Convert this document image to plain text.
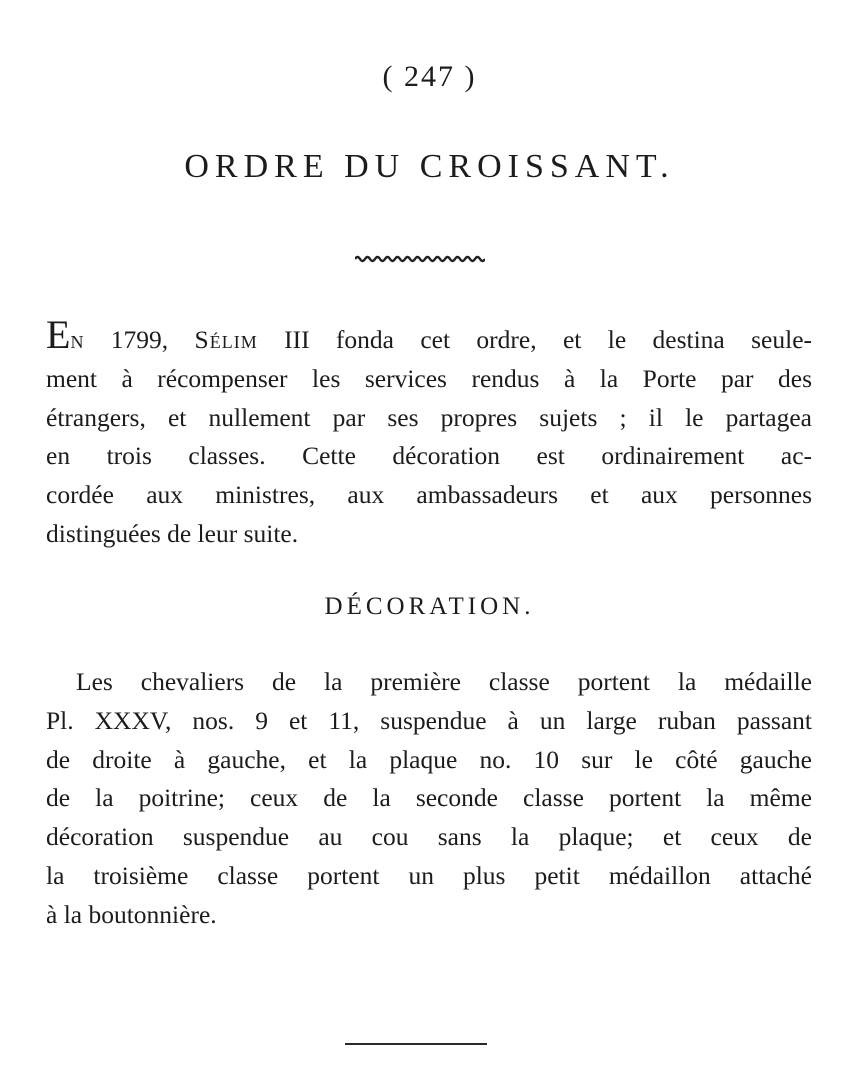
( 247 )
ORDRE DU CROISSANT.
En 1799, Sélim III fonda cet ordre, et le destina seule-
ment à récompenser les services rendus à la Porte par des
étrangers, et nullement par ses propres sujets ; il le partagea
en trois classes. Cette décoration est ordinairement ac-
cordée aux ministres, aux ambassadeurs et aux personnes
distinguées de leur suite.
DÉCORATION.
Les chevaliers de la première classe portent la médaille
Pl. XXXV, nos. 9 et 11, suspendue à un large ruban passant
de droite à gauche, et la plaque no. 10 sur le côté gauche
de la poitrine; ceux de la seconde classe portent la même
décoration suspendue au cou sans la plaque; et ceux de
la troisième classe portent un plus petit médaillon attaché
à la boutonnière.
